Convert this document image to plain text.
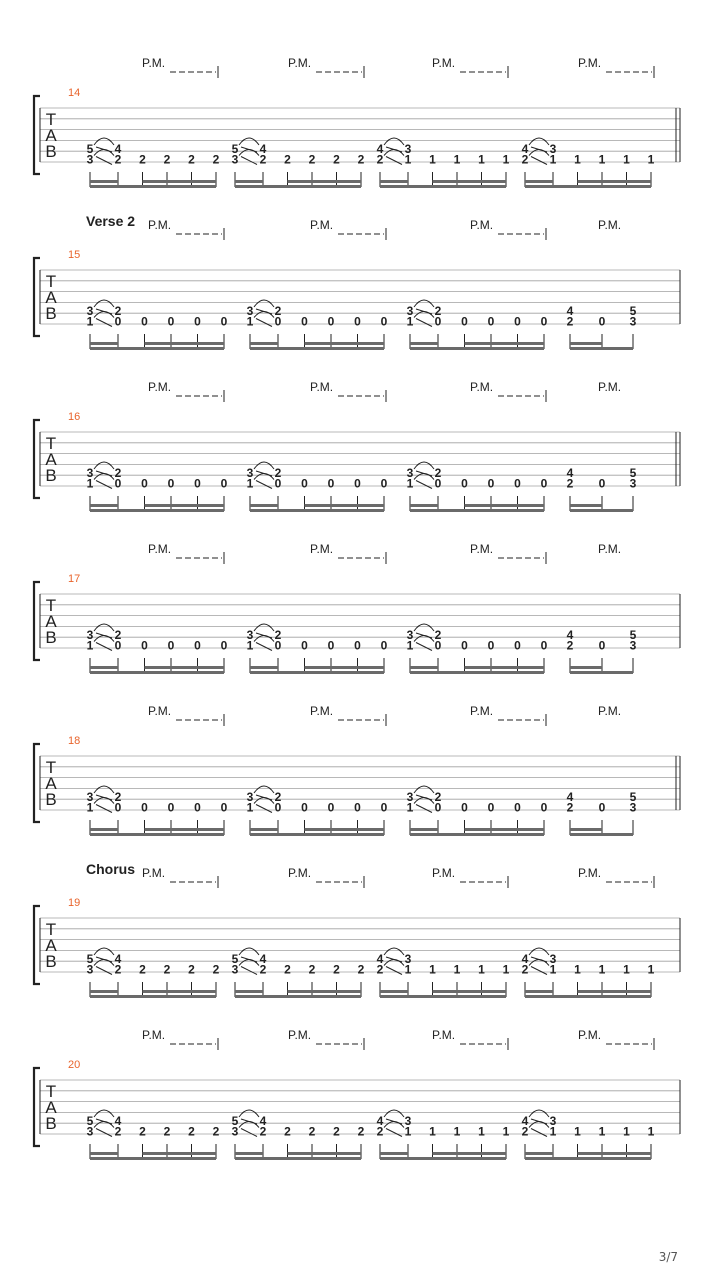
T
A
B
14
P.M.	P.M.	P.M.	P.M.
5
3
4
2 2 2 2 2
5
3
4
2 2 2 2 2
4
2
3
1 1 1 1 1
4
2
3
1 1 1 1 1
T
A
B
15
Verse 2 P.M.	P.M.	P.M.	P.M.
3
1
2
0 0 0 0 0
3
1
2
0 0 0 0 0
3
1
2
0 0 0 0 0
4
2 0
5
3
T
A
B
16
P.M.	P.M.	P.M.	P.M.
3
1
2
0 0 0 0 0
3
1
2
0 0 0 0 0
3
1
2
0 0 0 0 0
4
2 0
5
3
T
A
B
17
P.M.	P.M.	P.M.	P.M.
3
1
2
0 0 0 0 0
3
1
2
0 0 0 0 0
3
1
2
0 0 0 0 0
4
2 0
5
3
T
A
B
18
P.M.	P.M.	P.M.	P.M.
3
1
2
0 0 0 0 0
3
1
2
0 0 0 0 0
3
1
2
0 0 0 0 0
4
2 0
5
3
T
A
B
19
Chorus P.M.	P.M.	P.M.	P.M.
5
3
4
2 2 2 2 2
5
3
4
2 2 2 2 2
4
2
3
1 1 1 1 1
4
2
3
1 1 1 1 1
T
A
B
20
P.M.	P.M.	P.M.	P.M.
5
3
4
2 2 2 2 2
5
3
4
2 2 2 2 2
4
2
3
1 1 1 1 1
4
2
3
1 1 1 1 1
3/7
